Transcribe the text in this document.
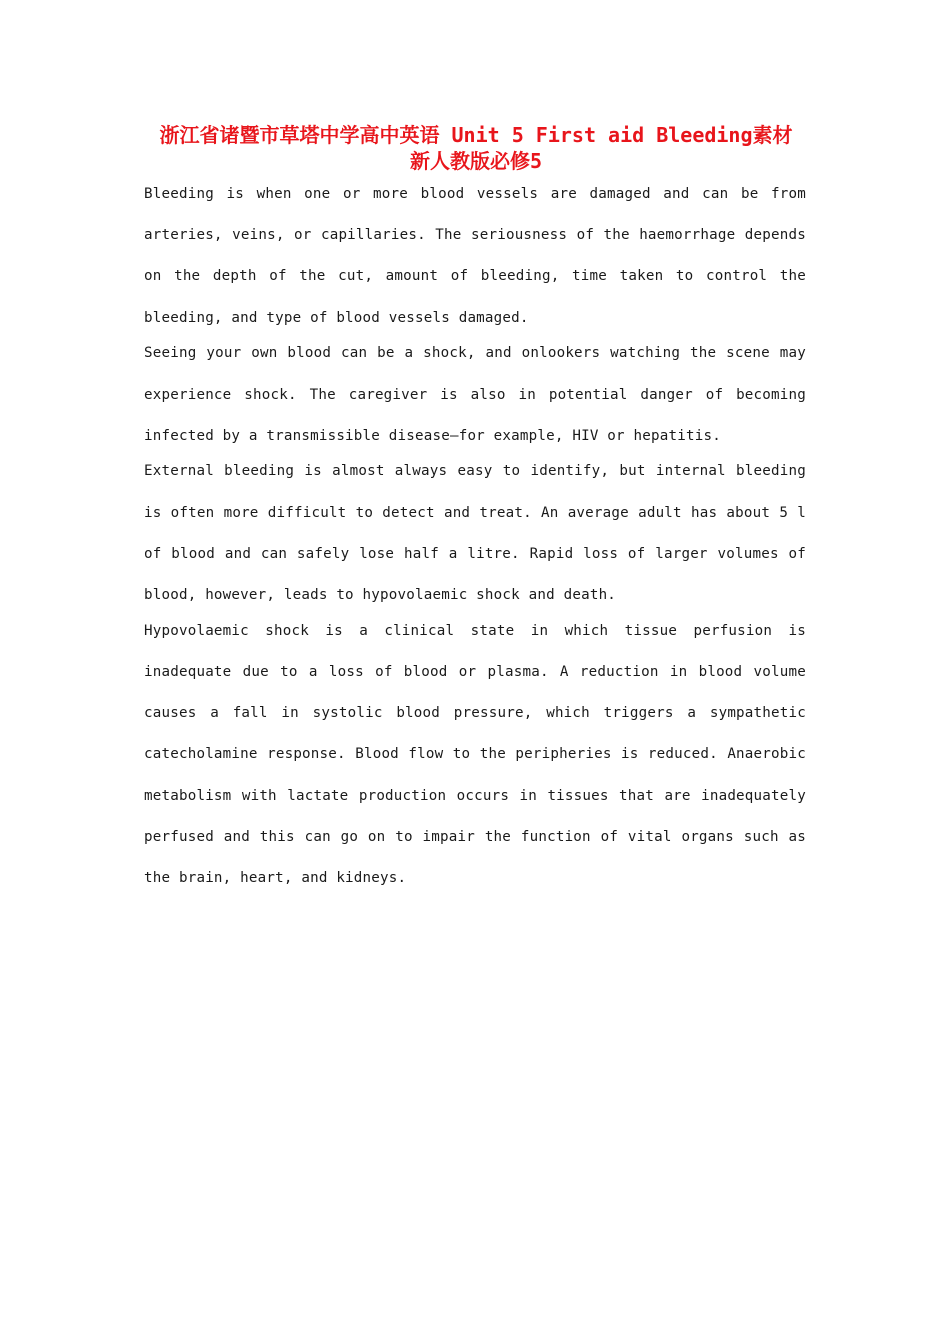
浙江省诸暨市草塔中学高中英语 Unit 5 First aid Bleeding素材 新人教版必修5

Bleeding is when one or more blood vessels are damaged and can be from arteries, veins, or capillaries. The seriousness of the haemorrhage depends on the depth of the cut, amount of bleeding, time taken to control the bleeding, and type of blood vessels damaged.

Seeing your own blood can be a shock, and onlookers watching the scene may experience shock. The caregiver is also in potential danger of becoming infected by a transmissible disease—for example, HIV or hepatitis.

External bleeding is almost always easy to identify, but internal bleeding is often more difficult to detect and treat. An average adult has about 5 l of blood and can safely lose half a litre. Rapid loss of larger volumes of blood, however, leads to hypovolaemic shock and death.

Hypovolaemic shock is a clinical state in which tissue perfusion is inadequate due to a loss of blood or plasma. A reduction in blood volume causes a fall in systolic blood pressure, which triggers a sympathetic catecholamine response. Blood flow to the peripheries is reduced. Anaerobic metabolism with lactate production occurs in tissues that are inadequately perfused and this can go on to impair the function of vital organs such as the brain, heart, and kidneys.
